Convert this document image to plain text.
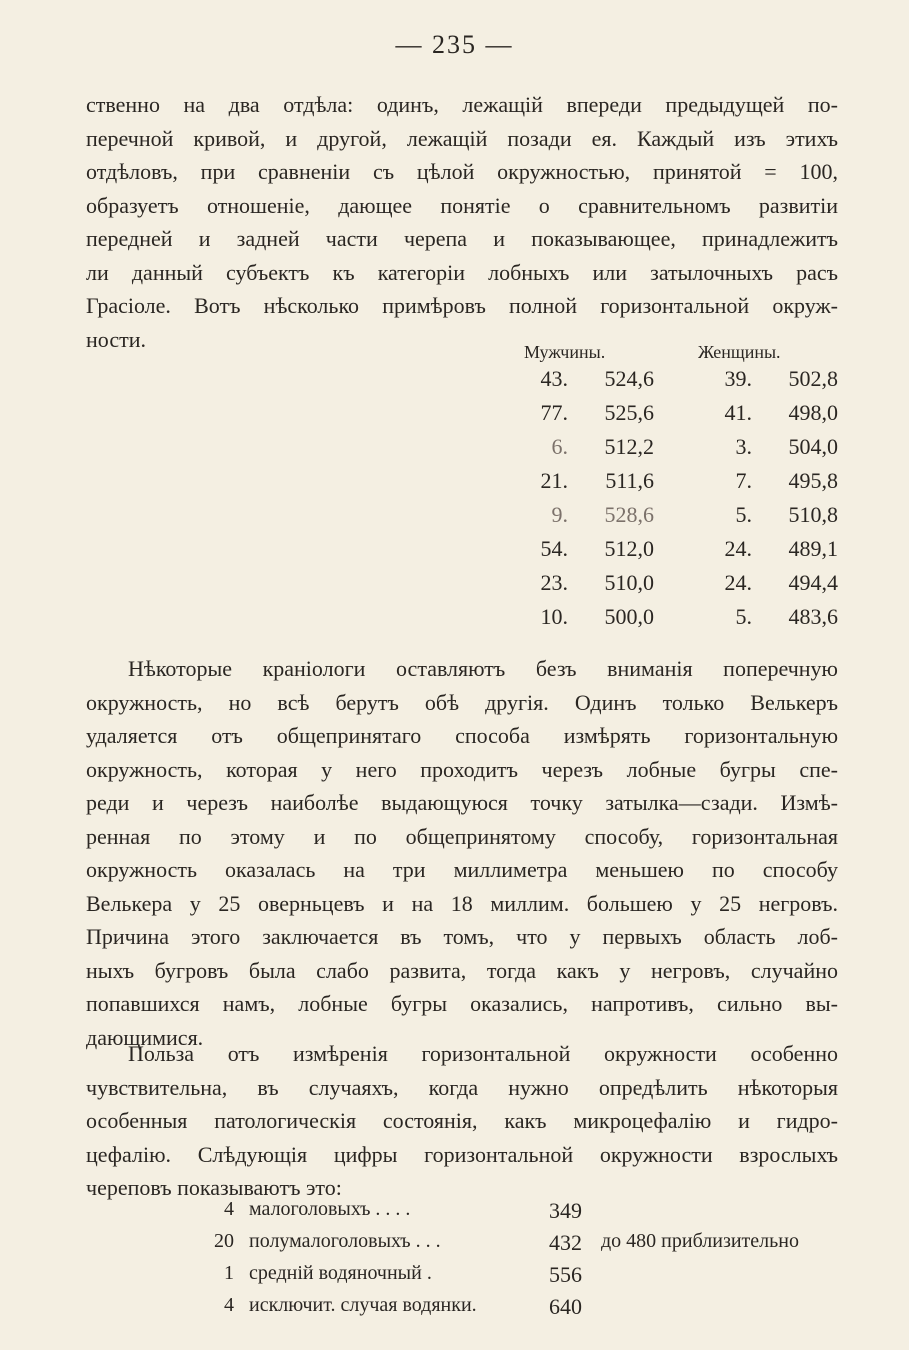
— 235 —
ственно на два отдѣла: одинъ, лежащій впереди предыдущей по-
перечной кривой, и другой, лежащій позади ея. Каждый изъ этихъ
отдѣловъ, при сравненіи съ цѣлой окружностью, принятой = 100,
образуетъ отношеніе, дающее понятіе о сравнительномъ развитіи
передней и задней части черепа и показывающее, принадлежитъ
ли данный субъектъ къ категоріи лобныхъ или затылочныхъ расъ
Грасіоле. Вотъ нѣсколько примѣровъ полной горизонтальной окруж-
ности.
Мужчины.	Женщины.
43. 524,6	39. 502,8
77. 525,6	41. 498,0
6. 512,2	3. 504,0
21. 511,6	7. 495,8
9. 528,6	5. 510,8
54. 512,0	24. 489,1
23. 510,0	24. 494,4
10. 500,0	5. 483,6
Нѣкоторые краніологи оставляютъ безъ вниманія поперечную
окружность, но всѣ берутъ обѣ другія. Одинъ только Велькеръ
удаляется отъ общепринятаго способа измѣрять горизонтальную
окружность, которая у него проходитъ черезъ лобные бугры спе-
реди и черезъ наиболѣе выдающуюся точку затылка—сзади. Измѣ-
ренная по этому и по общепринятому способу, горизонтальная
окружность оказалась на три миллиметра меньшею по способу
Велькера у 25 оверньцевъ и на 18 миллим. большею у 25 негровъ.
Причина этого заключается въ томъ, что у первыхъ область лоб-
ныхъ бугровъ была слабо развита, тогда какъ у негровъ, случайно
попавшихся намъ, лобные бугры оказались, напротивъ, сильно вы-
дающимися.
Польза отъ измѣренія горизонтальной окружности особенно
чувствительна, въ случаяхъ, когда нужно опредѣлить нѣкоторыя
особенныя патологическія состоянія, какъ микроцефалію и гидро-
цефалію. Слѣдующія цифры горизонтальной окружности взрослыхъ
череповъ показываютъ это:
4 малоголовыхъ . . . .	349
20 полумалоголовыхъ . . .	432 до 480 приблизительно
1 средній водяночный .	556
4 исключит. случая водянки.	640
